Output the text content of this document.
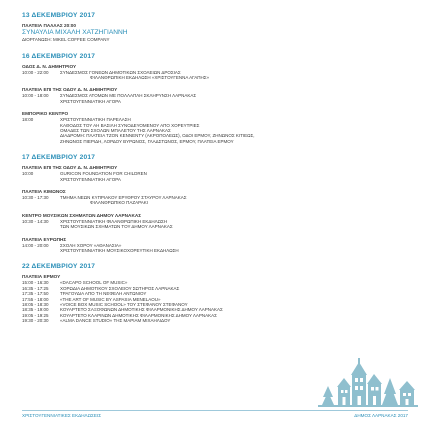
13 ΔΕΚΕΜΒΡΙΟΥ 2017
ΠΛΑΤΕΙΑ ΠΑΛΛΑΣ 20:00
ΣΥΝΑΥΛΙΑ ΜΙΧΑΛΗ ΧΑΤΖΗΓΙΑΝΝΗ
ΔΙΟΡΓΑΝΩΣΗ: MIKEL COFFEE COMPANY
16 ΔΕΚΕΜΒΡΙΟΥ 2017
ΟΔΟΣ Δ. Ν. ΔΗΜΗΤΡΙΟΥ
10:00 - 22:00	ΣΥΝΔΕΣΜΟΣ ΓΟΝΕΩΝ ΔΗΜΟΤΙΚΩΝ ΣΧΟΛΕΙΩΝ ΔΡΟΣΙΑΣ
ΦΙΛΑΝΘΡΩΠΙΚΗ ΕΚΔΗΛΩΣΗ «ΧΡΙΣΤΟΥΓΕΝΝΑ ΑΓΑΠΗΣ»
ΠΛΑΤΕΙΑ ΕΠΙ ΤΗΣ ΟΔΟΥ Δ. Ν. ΔΗΜΗΤΡΙΟΥ
10:00 - 18:00	ΣΥΝΔΕΣΜΟΣ ΑΤΟΜΩΝ ΜΕ ΠΟΛΛΑΠΛΗ ΣΚΛΗΡΥΝΣΗ ΛΑΡΝΑΚΑΣ
ΧΡΙΣΤΟΥΓΕΝΝΙΑΤΙΚΗ ΑΓΟΡΑ
ΕΜΠΟΡΙΚΟ ΚΕΝΤΡΟ
18:00	ΧΡΙΣΤΟΥΓΕΝΝΙΑΤΙΚΗ ΠΑΡΕΛΑΣΗ
ΚΑΘΟΔΟΣ ΤΟΥ ΑΗ ΒΑΣΙΛΗ ΣΥΝΟΔΕΥΟΜΕΝΟΥ ΑΠΟ ΧΟΡΕΥΤΡΙΕΣ
ΟΜΑΔΕΣ ΤΩΝ ΣΧΟΛΩΝ ΜΠΑΛΕΤΟΥ ΤΗΣ ΛΑΡΝΑΚΑΣ
ΔΙΑΔΡΟΜΗ: ΠΛΑΤΕΙΑ ΤΖΟΝ ΚΕΝΝΕΝΤΥ (ΑΚΡΟΠΟΛΕΩΣ), ΟΔΟΙ ΕΡΜΟΥ, ΖΗΝΩΝΟΣ ΚΙΤΙΕΩΣ,
ΖΗΝΩΝΟΣ ΠΙΕΡΙΔΗ, ΛΟΡΔΟΥ ΒΥΡΩΝΟΣ, ΓΛΑΔΣΤΩΝΟΣ, ΕΡΜΟΥ, ΠΛΑΤΕΙΑ ΕΡΜΟΥ
17 ΔΕΚΕΜΒΡΙΟΥ 2017
ΠΛΑΤΕΙΑ ΕΠΙ ΤΗΣ ΟΔΟΥ Δ. Ν. ΔΗΜΗΤΡΙΟΥ
10:00	GURICON FOUNDATION FOR CHILDREN
ΧΡΙΣΤΟΥΓΕΝΝΙΑΤΙΚΗ ΑΓΟΡΑ
ΠΛΑΤΕΙΑ ΚΙΜΩΝΟΣ
10:30 - 17:30	ΤΜΗΜΑ ΝΕΩΝ ΚΥΠΡΙΑΚΟΥ ΕΡΥΘΡΟΥ ΣΤΑΥΡΟΥ ΛΑΡΝΑΚΑΣ
ΦΙΛΑΝΘΡΩΠΙΚΟ ΠΑΖΑΡΑΚΙ
ΚΕΝΤΡΟ ΜΟΥΣΙΚΩΝ ΣΧΗΜΑΤΩΝ ΔΗΜΟΥ ΛΑΡΝΑΚΑΣ
10:30 - 14:30	ΧΡΙΣΤΟΥΓΕΝΝΙΑΤΙΚΗ ΦΙΛΑΝΘΡΩΠΙΚΗ ΕΚΔΗΛΩΣΗ
ΤΩΝ ΜΟΥΣΙΚΩΝ ΣΧΗΜΑΤΩΝ ΤΟΥ ΔΗΜΟΥ ΛΑΡΝΑΚΑΣ
ΠΛΑΤΕΙΑ ΕΥΡΩΠΗΣ
14:00 - 20:00	ΣΧΟΛΗ ΧΟΡΟΥ «ΑΘΑΝΑΣΙΑ»
ΧΡΙΣΤΟΥΓΕΝΝΙΑΤΙΚΗ ΜΟΥΣΙΚΟΧΟΡΕΥΤΙΚΗ ΕΚΔΗΛΩΣΗ
22 ΔΕΚΕΜΒΡΙΟΥ 2017
ΠΛΑΤΕΙΑ ΕΡΜΟΥ
15:00 - 16:30	«DACAPO SCHOOL OF MUSIC»
16:35 - 17:25	ΧΟΡΩΔΙΑ ΔΗΜΟΤΙΚΟΥ ΣΧΟΛΕΙΟΥ ΣΩΤΗΡΟΣ ΛΑΡΝΑΚΑΣ
17:35 - 17:50	ΤΡΑΓΟΥΔΙΑ ΑΠΟ ΤΗ ΝΕΦΕΛΗ ΑΝΤΩΝΙΟΥ
17:55 - 18:00	«THE ART OF MUSIC BY ASPASIA MENELAOU»
18:05 - 18:30	«VOICE BOX MUSIC SCHOOL» ΤΟΥ ΣΤΕΦΑΝΟΥ ΣΤΕΦΑΝΟΥ
18:35 - 19:00	ΚΟΥΑΡΤΕΤΟ ΣΑΞΟΦΩΝΩΝ ΔΗΜΟΤΙΚΗΣ ΦΙΛΑΡΜΟΝΙΚΗΣ ΔΗΜΟΥ ΛΑΡΝΑΚΑΣ
19:05 - 19:25	ΚΟΥΑΡΤΕΤΟ ΚΛΑΡΙΝΩΝ ΔΗΜΟΤΙΚΗΣ ΦΙΛΑΡΜΟΝΙΚΗΣ ΔΗΜΟΥ ΛΑΡΝΑΚΑΣ
19:30 - 20:30	«ALMA DANCE STUDIO» ΤΗΣ ΜΑΡΙΑΜ ΜΙΧΑΗΛΙΔΟΥ
ΧΡΙΣΤΟΥΓΕΝΝΙΑΤΙΚΕΣ ΕΚΔΗΛΩΣΕΙΣ	ΔΗΜΟΣ ΛΑΡΝΑΚΑΣ 2017
